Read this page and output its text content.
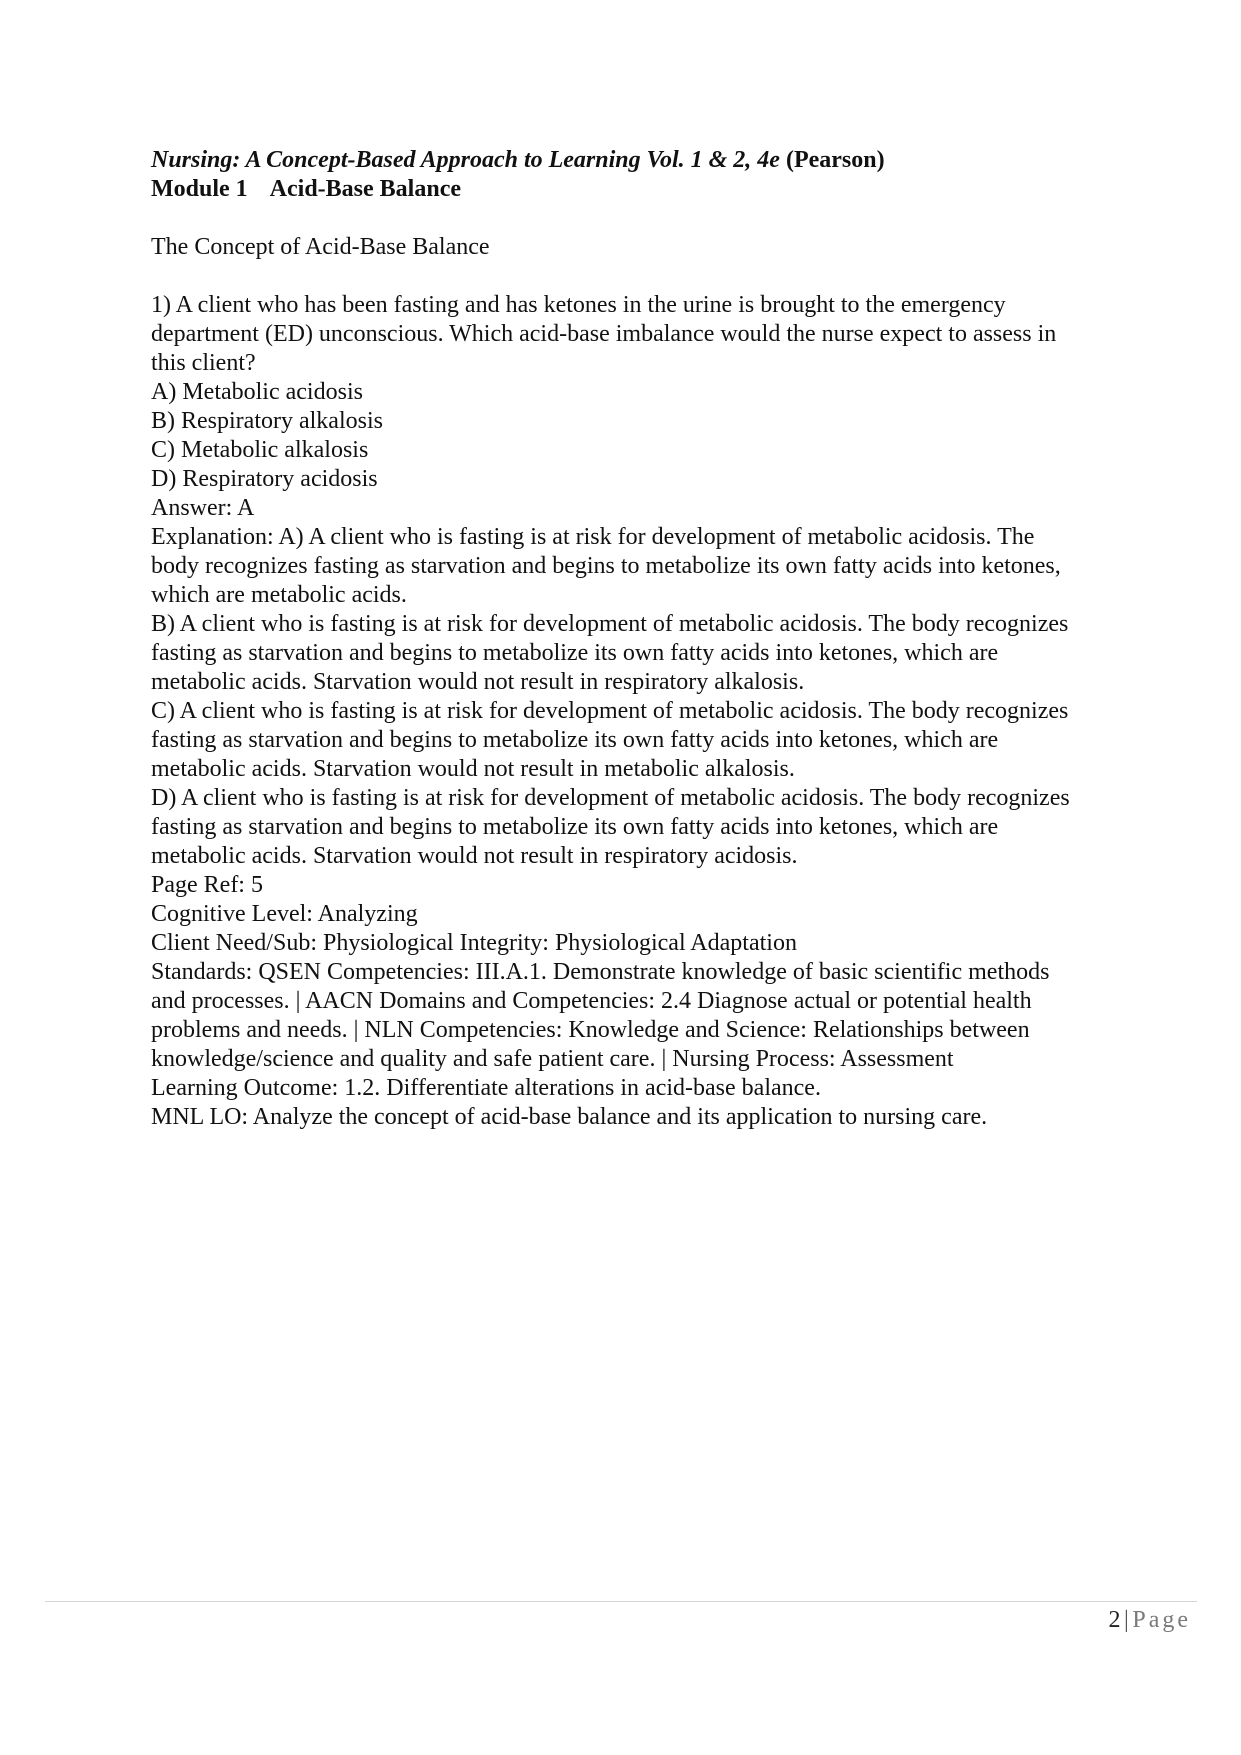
Nursing: A Concept-Based Approach to Learning Vol. 1 & 2, 4e (Pearson)

Module 1 Acid-Base Balance

The Concept of Acid-Base Balance

1) A client who has been fasting and has ketones in the urine is brought to the emergency

department (ED) unconscious. Which acid-base imbalance would the nurse expect to assess in

this client?

A) Metabolic acidosis

B) Respiratory alkalosis

C) Metabolic alkalosis

D) Respiratory acidosis

Answer: A

Explanation: A) A client who is fasting is at risk for development of metabolic acidosis. The

body recognizes fasting as starvation and begins to metabolize its own fatty acids into ketones,

which are metabolic acids.

B) A client who is fasting is at risk for development of metabolic acidosis. The body recognizes

fasting as starvation and begins to metabolize its own fatty acids into ketones, which are

metabolic acids. Starvation would not result in respiratory alkalosis.

C) A client who is fasting is at risk for development of metabolic acidosis. The body recognizes

fasting as starvation and begins to metabolize its own fatty acids into ketones, which are

metabolic acids. Starvation would not result in metabolic alkalosis.

D) A client who is fasting is at risk for development of metabolic acidosis. The body recognizes

fasting as starvation and begins to metabolize its own fatty acids into ketones, which are

metabolic acids. Starvation would not result in respiratory acidosis.

Page Ref: 5

Cognitive Level: Analyzing

Client Need/Sub: Physiological Integrity: Physiological Adaptation

Standards: QSEN Competencies: III.A.1. Demonstrate knowledge of basic scientific methods

and processes. | AACN Domains and Competencies: 2.4 Diagnose actual or potential health

problems and needs. | NLN Competencies: Knowledge and Science: Relationships between

knowledge/science and quality and safe patient care. | Nursing Process: Assessment

Learning Outcome: 1.2. Differentiate alterations in acid-base balance.

MNL LO: Analyze the concept of acid-base balance and its application to nursing care.

2 | Page
